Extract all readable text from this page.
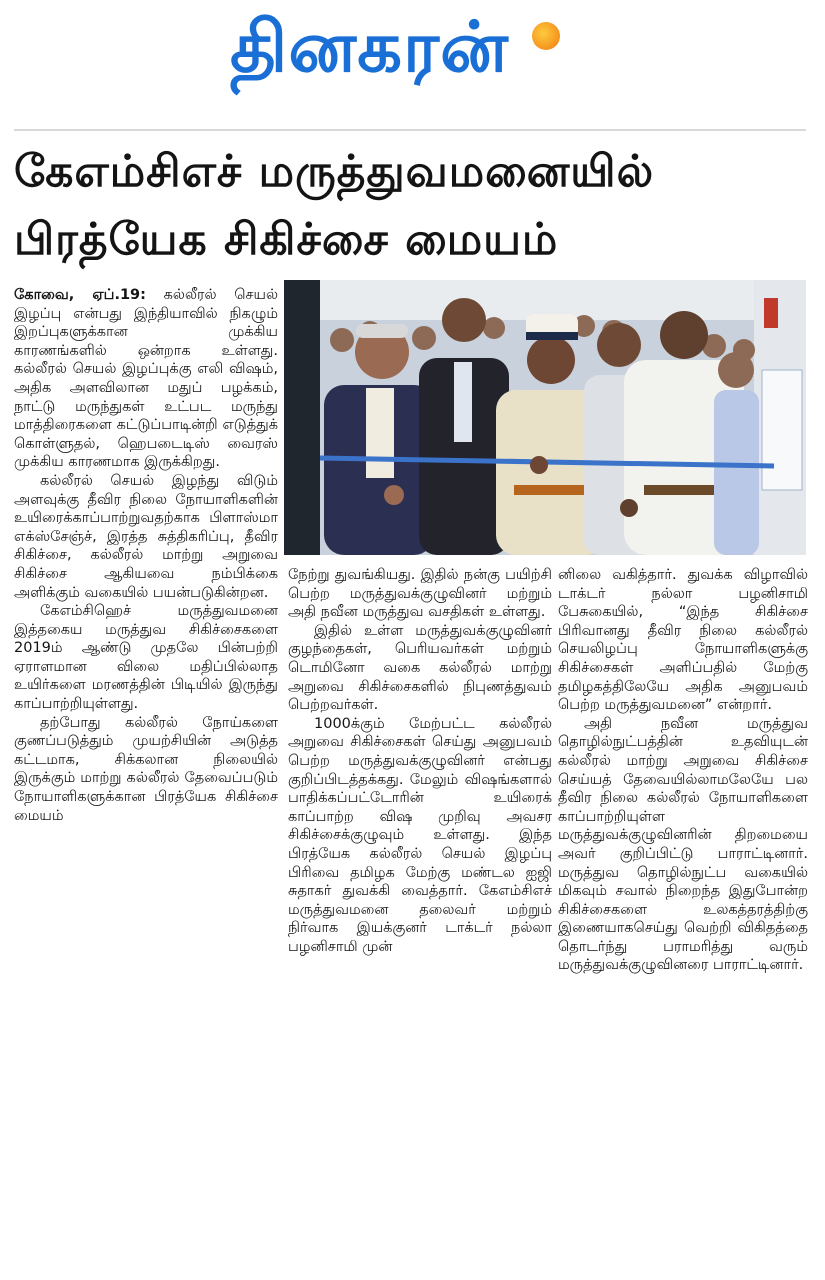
தினகரன்
கேஎம்சிஎச் மருத்துவமனையில்
பிரத்யேக சிகிச்சை மையம்

கோவை, ஏப்.19: கல்லீரல் செயல் இழப்பு என்பது இந்தியாவில் நிகழும் இறப்புகளுக்கான முக்கிய காரணங்களில் ஒன்றாக உள்ளது. கல்லீரல் செயல் இழப்புக்கு எலி விஷம், அதிக அளவிலான மதுப் பழக்கம், நாட்டு மருந்துகள் உட்பட மருந்து மாத்திரைகளை கட்டுப்பாடின்றி எடுத்துக் கொள்ளுதல், ஹெபடைடிஸ் வைரஸ் முக்கிய காரணமாக இருக்கிறது.

கல்லீரல் செயல் இழந்து விடும் அளவுக்கு தீவிர நிலை நோயாளிகளின் உயிரைக்காப்பாற்றுவதற்காக பிளாஸ்மா எக்ஸ்சேஞ்ச், இரத்த சுத்திகரிப்பு, தீவிர சிகிச்சை, கல்லீரல் மாற்று அறுவை சிகிச்சை ஆகியவை நம்பிக்கை அளிக்கும் வகையில் பயன்படுகின்றன.

கேஎம்சிஹெச் மருத்துவமனை இத்தகைய மருத்துவ சிகிச்சைகளை 2019ம் ஆண்டு முதலே பின்பற்றி ஏராளமான விலை மதிப்பில்லாத உயிர்களை மரணத்தின் பிடியில் இருந்து காப்பாற்றியுள்ளது.

தற்போது கல்லீரல் நோய்களை குணப்படுத்தும் முயற்சியின் அடுத்த கட்டமாக, சிக்கலான நிலையில் இருக்கும் மாற்று கல்லீரல் தேவைப்படும் நோயாளிகளுக்கான பிரத்யேக சிகிச்சை மையம்

நேற்று துவங்கியது. இதில் நன்கு பயிற்சி பெற்ற மருத்துவக்குழுவினர் மற்றும் அதி நவீன மருத்துவ வசதிகள் உள்ளது.

இதில் உள்ள மருத்துவக்குழுவினர் குழந்தைகள், பெரியவர்கள் மற்றும் டொமினோ வகை கல்லீரல் மாற்று அறுவை சிகிச்சைகளில் நிபுணத்துவம் பெற்றவர்கள்.

1000க்கும் மேற்பட்ட கல்லீரல் அறுவை சிகிச்சைகள் செய்து அனுபவம் பெற்ற மருத்துவக்குழுவினர் என்பது குறிப்பிடத்தக்கது. மேலும் விஷங்களால் பாதிக்கப்பட்டோரின் உயிரைக் காப்பாற்ற விஷ முறிவு அவசர சிகிச்சைக்குழுவும் உள்ளது. இந்த பிரத்யேக கல்லீரல் செயல் இழப்பு பிரிவை தமிழக மேற்கு மண்டல ஐஜி சுதாகர் துவக்கி வைத்தார். கேஎம்சிஎச் மருத்துவமனை தலைவர் மற்றும் நிர்வாக இயக்குனர் டாக்டர் நல்லா பழனிசாமி முன்

னிலை வகித்தார். துவக்க விழாவில் டாக்டர் நல்லா பழனிசாமி பேசுகையில், “இந்த சிகிச்சை பிரிவானது தீவிர நிலை கல்லீரல் செயலிழப்பு நோயாளிகளுக்கு சிகிச்சைகள் அளிப்பதில் மேற்கு தமிழகத்திலேயே அதிக அனுபவம் பெற்ற மருத்துவமனை” என்றார்.

அதி நவீன மருத்துவ தொழில்நுட்பத்தின் உதவியுடன் கல்லீரல் மாற்று அறுவை சிகிச்சை செய்யத் தேவையில்லாமலேயே பல தீவிர நிலை கல்லீரல் நோயாளிகளை காப்பாற்றியுள்ள மருத்துவக்குழுவினரின் திறமையை அவர் குறிப்பிட்டு பாராட்டினார். மருத்துவ தொழில்நுட்ப வகையில் மிகவும் சவால் நிறைந்த இதுபோன்ற சிகிச்சைகளை உலகத்தரத்திற்கு இணையாகசெய்து வெற்றி விகிதத்தை தொடர்ந்து பராமரித்து வரும் மருத்துவக்குழுவினரை பாராட்டினார்.
